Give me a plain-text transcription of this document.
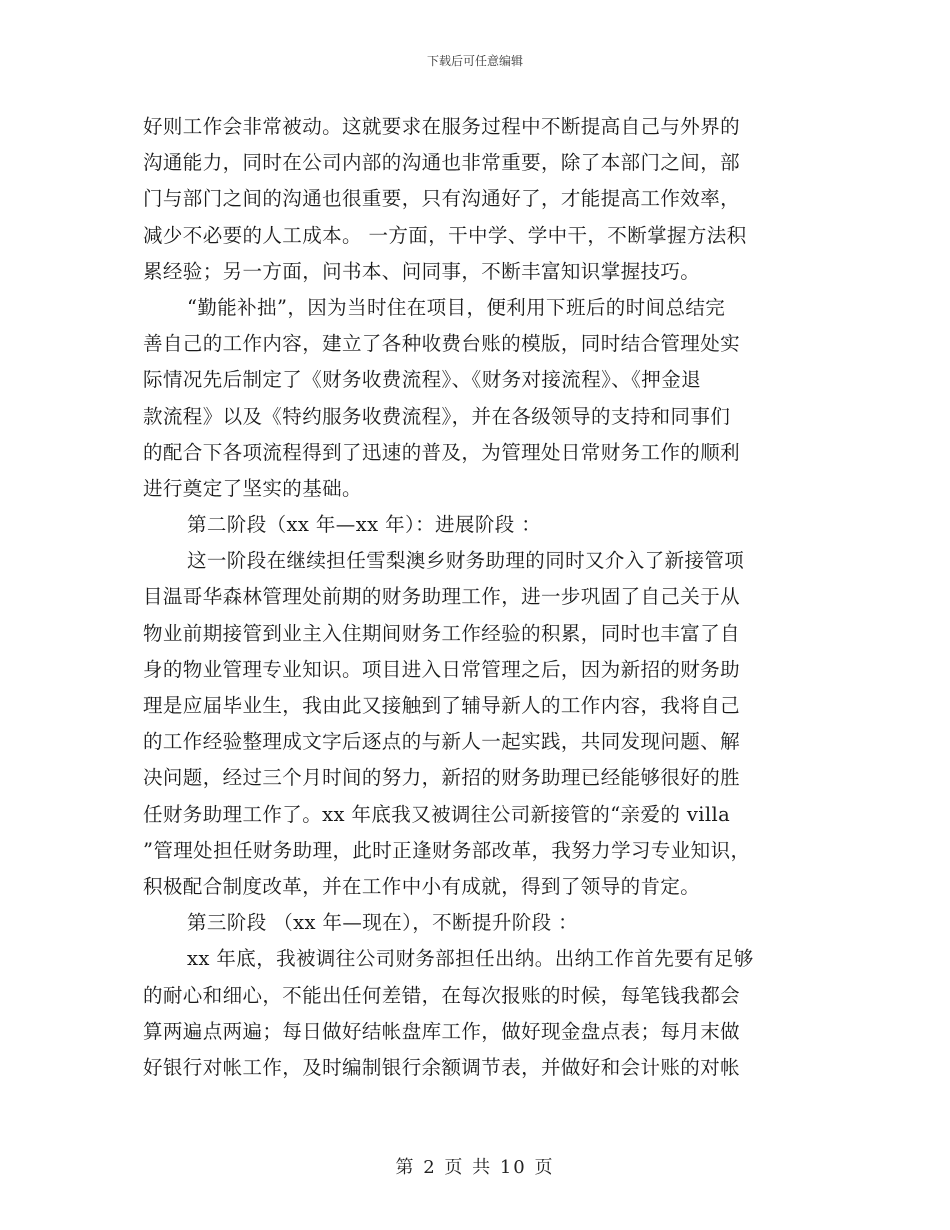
下载后可任意编辑
好则工作会非常被动。这就要求在服务过程中不断提高自己与外界的
沟通能力，同时在公司内部的沟通也非常重要，除了本部门之间，部
门与部门之间的沟通也很重要，只有沟通好了，才能提高工作效率，
减少不必要的人工成本。 一方面，干中学、学中干，不断掌握方法积
累经验；另一方面，问书本、问同事，不断丰富知识掌握技巧。
“勤能补拙”，因为当时住在项目，便利用下班后的时间总结完
善自己的工作内容，建立了各种收费台账的模版，同时结合管理处实
际情况先后制定了《财务收费流程》、《财务对接流程》、《押金退
款流程》以及《特约服务收费流程》，并在各级领导的支持和同事们
的配合下各项流程得到了迅速的普及，为管理处日常财务工作的顺利
进行奠定了坚实的基础。
第二阶段（xx 年—xx 年）：进展阶段 ：
这一阶段在继续担任雪梨澳乡财务助理的同时又介入了新接管项
目温哥华森林管理处前期的财务助理工作，进一步巩固了自己关于从
物业前期接管到业主入住期间财务工作经验的积累，同时也丰富了自
身的物业管理专业知识。项目进入日常管理之后，因为新招的财务助
理是应届毕业生，我由此又接触到了辅导新人的工作内容，我将自己
的工作经验整理成文字后逐点的与新人一起实践，共同发现问题、解
决问题，经过三个月时间的努力，新招的财务助理已经能够很好的胜
任财务助理工作了。xx 年底我又被调往公司新接管的“亲爱的 villa
”管理处担任财务助理，此时正逢财务部改革，我努力学习专业知识，
积极配合制度改革，并在工作中小有成就，得到了领导的肯定。
第三阶段 （xx 年—现在），不断提升阶段 ：
xx 年底，我被调往公司财务部担任出纳。出纳工作首先要有足够
的耐心和细心，不能出任何差错，在每次报账的时候，每笔钱我都会
算两遍点两遍；每日做好结帐盘库工作，做好现金盘点表；每月末做
好银行对帐工作，及时编制银行余额调节表，并做好和会计账的对帐
第 2 页 共 10 页
